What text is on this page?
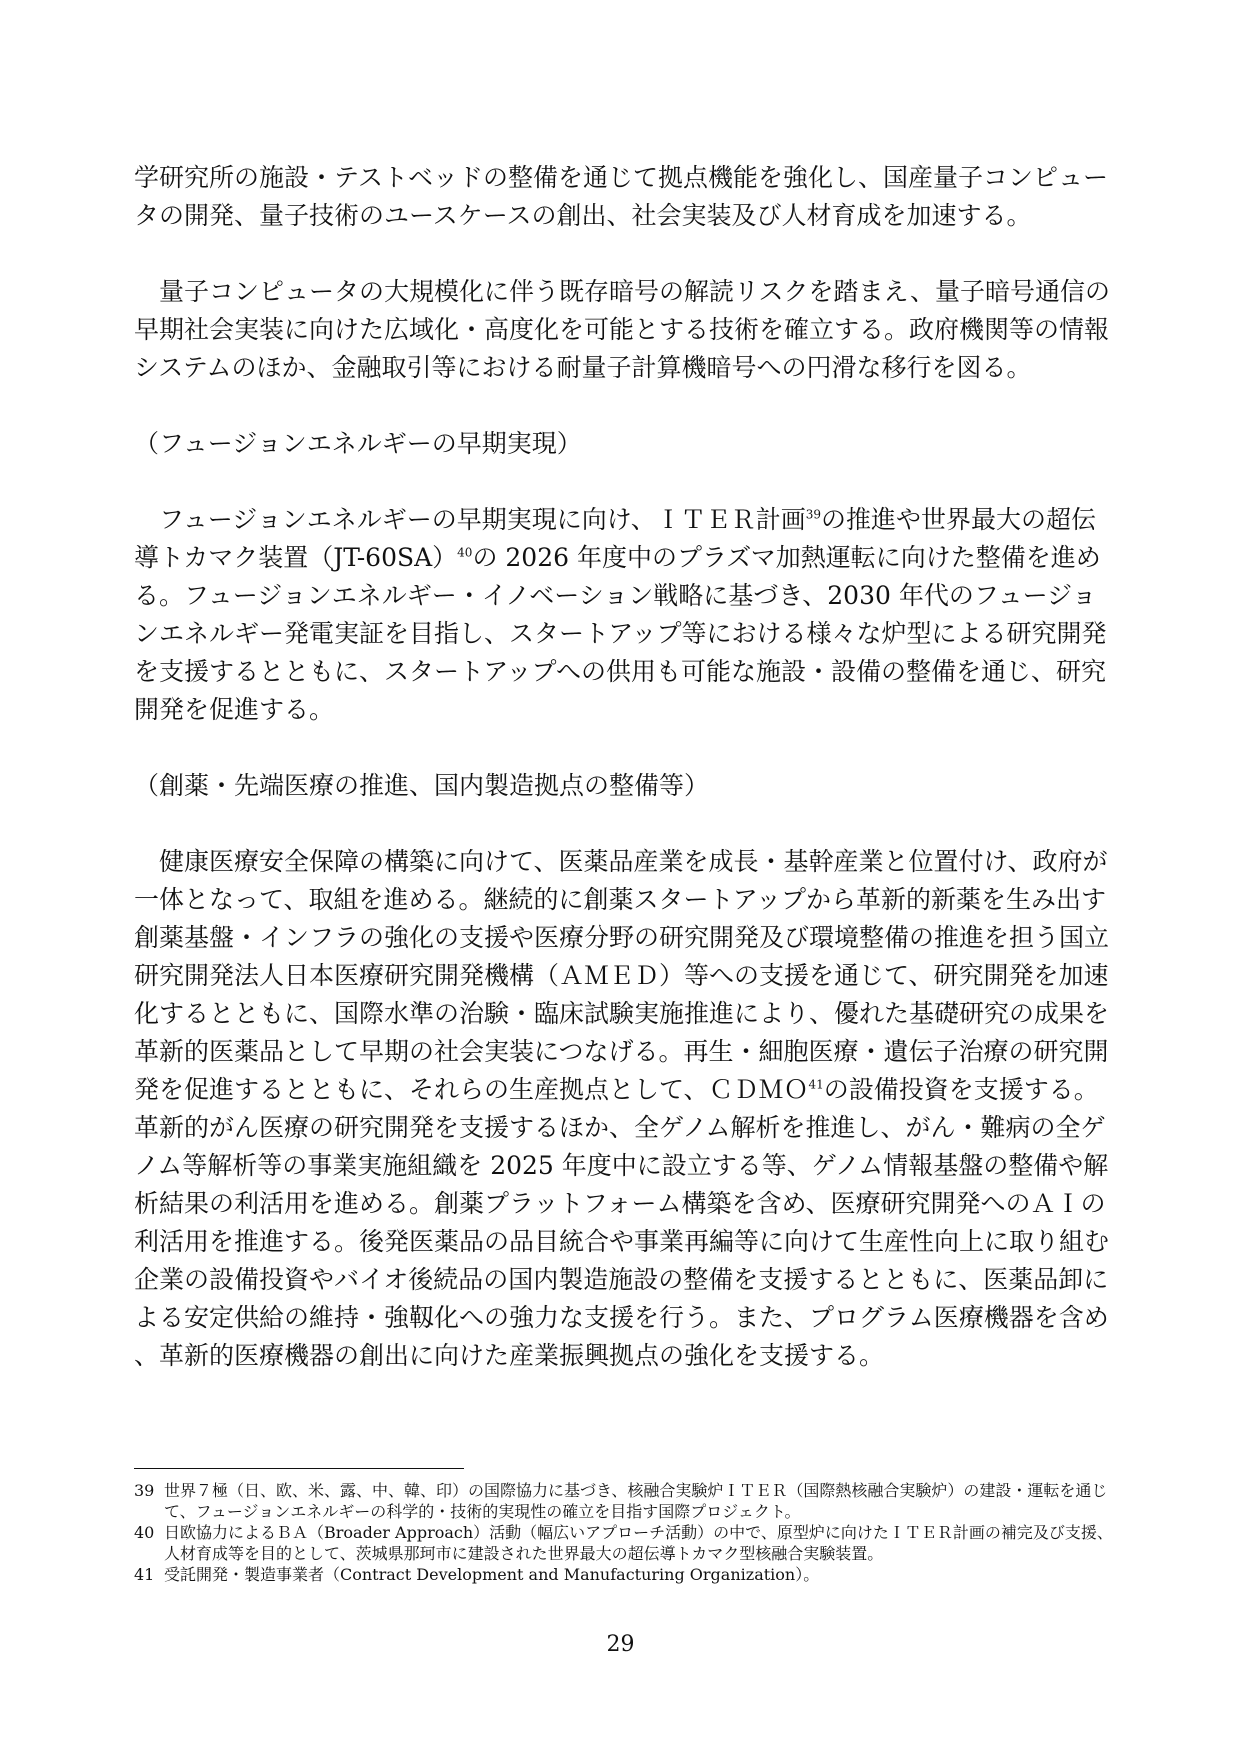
学研究所の施設・テストベッドの整備を通じて拠点機能を強化し、国産量子コンピュータの開発、量子技術のユースケースの創出、社会実装及び人材育成を加速する。

量子コンピュータの大規模化に伴う既存暗号の解読リスクを踏まえ、量子暗号通信の早期社会実装に向けた広域化・高度化を可能とする技術を確立する。政府機関等の情報システムのほか、金融取引等における耐量子計算機暗号への円滑な移行を図る。

（フュージョンエネルギーの早期実現）

フュージョンエネルギーの早期実現に向け、ＩＴＥＲ計画$^{39}$の推進や世界最大の超伝導トカマク装置$(JT-60SA)^{40}$の 2026 年度中のプラズマ加熱運転に向けた整備を進める。フュージョンエネルギー・イノベーション戦略に基づき、2030 年代のフュージョンエネルギー発電実証を目指し、スタートアップ等における様々な炉型による研究開発を支援するとともに、スタートアップへの供用も可能な施設・設備の整備を通じ、研究開発を促進する。

（創薬・先端医療の推進、国内製造拠点の整備等）

健康医療安全保障の構築に向けて、医薬品産業を成長・基幹産業と位置付け、政府が一体となって、取組を進める。継続的に創薬スタートアップから革新的新薬を生み出す創薬基盤・インフラの強化の支援や医療分野の研究開発及び環境整備の推進を担う国立研究開発法人日本医療研究開発機構（ＡＭＥＤ）等への支援を通じて、研究開発を加速化するとともに、国際水準の治験・臨床試験実施推進により、優れた基礎研究の成果を革新的医薬品として早期の社会実装につなげる。再生・細胞医療・遺伝子治療の研究開発を促進するとともに、それらの生産拠点として、ＣＤＭＯ$^{41}$の設備投資を支援する。革新的がん医療の研究開発を支援するほか、全ゲノム解析を推進し、がん・難病の全ゲノム等解析等の事業実施組織を 2025 年度中に設立する等、ゲノム情報基盤の整備や解析結果の利活用を進める。創薬プラットフォーム構築を含め、医療研究開発へのＡＩの利活用を推進する。後発医薬品の品目統合や事業再編等に向けて生産性向上に取り組む企業の設備投資やバイオ後続品の国内製造施設の整備を支援するとともに、医薬品卸による安定供給の維持・強靱化への強力な支援を行う。また、プログラム医療機器を含め、革新的医療機器の創出に向けた産業振興拠点の強化を支援する。

39 世界７極（日、欧、米、露、中、韓、印）の国際協力に基づき、核融合実験炉ＩＴＥＲ（国際熱核融合実験炉）の建設・運転を通じて、フュージョンエネルギーの科学的・技術的実現性の確立を目指す国際プロジェクト。
40 日欧協力によるＢＡ（Broader Approach）活動（幅広いアプローチ活動）の中で、原型炉に向けたＩＴＥＲ計画の補完及び支援、人材育成等を目的として、茨城県那珂市に建設された世界最大の超伝導トカマク型核融合実験装置。
41 受託開発・製造事業者（Contract Development and Manufacturing Organization）。
29
